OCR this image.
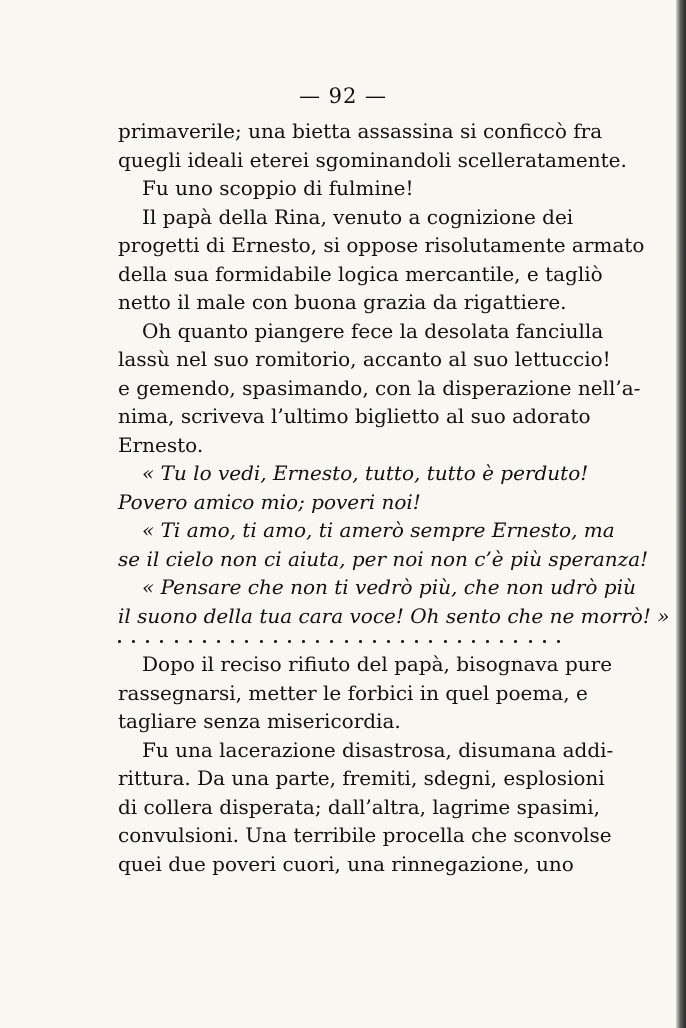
— 92 —
primaverile; una bietta assassina si conficcò fra
quegli ideali eterei sgominandoli scelleratamente.
Fu uno scoppio di fulmine!
Il papà della Rina, venuto a cognizione dei
progetti di Ernesto, si oppose risolutamente armato
della sua formidabile logica mercantile, e tagliò
netto il male con buona grazia da rigattiere.
Oh quanto piangere fece la desolata fanciulla
lassù nel suo romitorio, accanto al suo lettuccio!
e gemendo, spasimando, con la disperazione nell’a-
nima, scriveva l’ultimo biglietto al suo adorato
Ernesto.
« Tu lo vedi, Ernesto, tutto, tutto è perduto!
Povero amico mio; poveri noi!
« Ti amo, ti amo, ti amerò sempre Ernesto, ma
se il cielo non ci aiuta, per noi non c’è più speranza!
« Pensare che non ti vedrò più, che non udrò più
il suono della tua cara voce! Oh sento che ne morrò! »
Dopo il reciso rifiuto del papà, bisognava pure
rassegnarsi, metter le forbici in quel poema, e
tagliare senza misericordia.
Fu una lacerazione disastrosa, disumana addi-
rittura. Da una parte, fremiti, sdegni, esplosioni
di collera disperata; dall’altra, lagrime spasimi,
convulsioni. Una terribile procella che sconvolse
quei due poveri cuori, una rinnegazione, uno
